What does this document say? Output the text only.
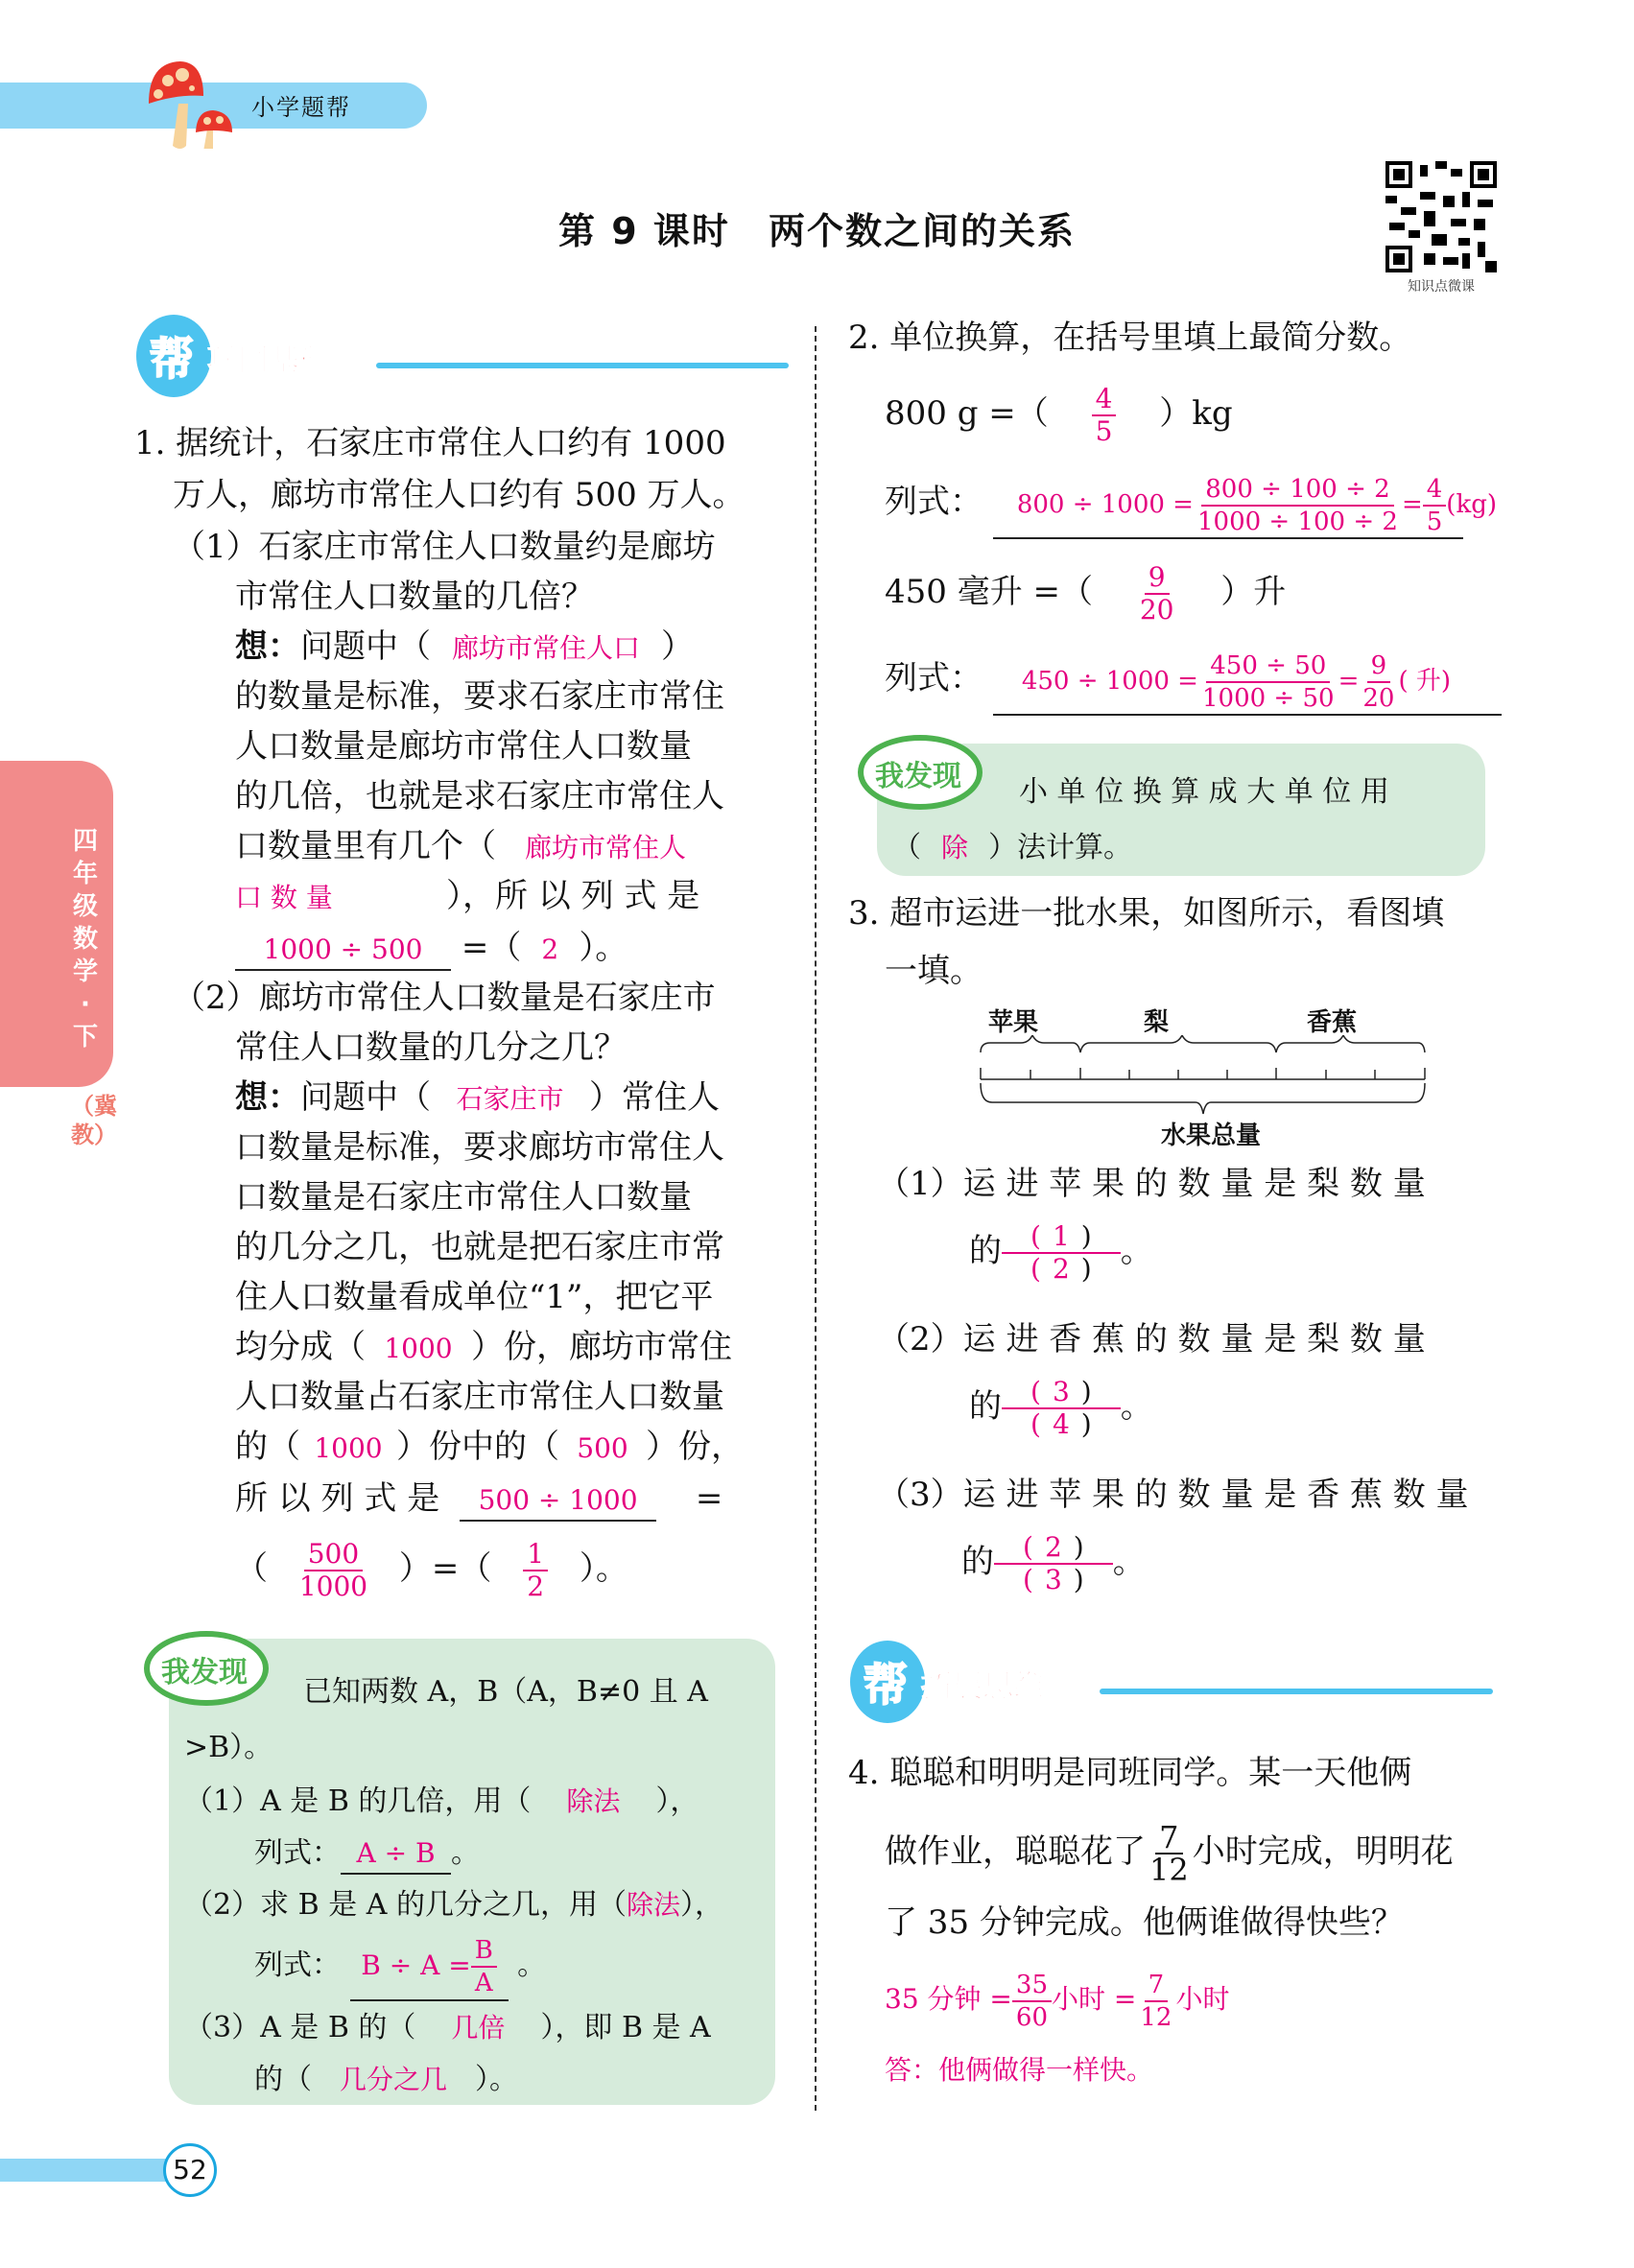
小学题帮
第 9 课时 两个数之间的关系
知识点微课
四年级数学·下
（冀教）
帮 巩固基础
1. 据统计，石家庄市常住人口约有 1000
万人，廊坊市常住人口约有 500 万人。
（1）石家庄市常住人口数量约是廊坊
市常住人口数量的几倍？
想：问题中（ 廊坊市常住人口 ）
的数量是标准，要求石家庄市常住
人口数量是廊坊市常住人口数量
的几倍，也就是求石家庄市常住人
口数量里有几个（ 廊坊市常住人
口 数 量	），所 以 列 式 是
1000 ÷ 500 =（ 2 ）。
（2）廊坊市常住人口数量是石家庄市
常住人口数量的几分之几？
想：问题中（ 石家庄市 ）常住人
口数量是标准，要求廊坊市常住人
口数量是石家庄市常住人口数量
的几分之几，也就是把石家庄市常
住人口数量看成单位“1”，把它平
均分成（ 1000 ）份，廊坊市常住
人口数量占石家庄市常住人口数量
的（ 1000 ）份中的（ 500 ）份，
所 以 列 式 是 500 ÷ 1000 =
（ $\frac{500}{1000}$ ）=（ $\frac{1}{2}$ ）。
我发现
已知两数 A，B（A，B≠0 且 A
>B）。
（1）A 是 B 的几倍，用（ 除法 ），
列式： A ÷ B 。
（2）求 B 是 A 的几分之几，用（除法），
列式： $B \div A = \frac{B}{A}$ 。
（3）A 是 B 的（ 几倍 ），即 B 是 A
的（ 几分之几 ）。
2. 单位换算，在括号里填上最简分数。
800 g =（ $\frac{4}{5} )kg$
列式： $800 \div 1000 = \frac{800 \div 100 \div 2}{1000 \div 100 \div 2} = \frac{4}{5} (kg)$
450 毫升 =（ $\frac{9}{20}$ ）升
列式： $450 \div 1000 = \frac{450 \div 50}{1000 \div 50} = \frac{9}{20}$ ( 升)
我发现 小 单 位 换 算 成 大 单 位 用
（ 除 ）法计算。
3. 超市运进一批水果，如图所示，看图填
一填。
苹果	梨	香蕉
水果总量
（1）运 进 苹 果 的 数 量 是 梨 数 量
的 $\frac{( 1 )}{( 2 )}$ 。
（2）运 进 香 蕉 的 数 量 是 梨 数 量
的 $\frac{( 3 )}{( 4 )}$ 。
（3）运 进 苹 果 的 数 量 是 香 蕉 数 量
的 $\frac{( 2 )}{( 3 )}$ 。
帮 拓展思维
4. 聪聪和明明是同班同学。某一天他俩
做作业，聪聪花了 $\frac{7}{12}$ 小时完成，明明花
了 35 分钟完成。他俩谁做得快些？
35 分钟 = $\frac{35}{60}$ 小时 = $\frac{7}{12}$ 小时
答：他俩做得一样快。
52
